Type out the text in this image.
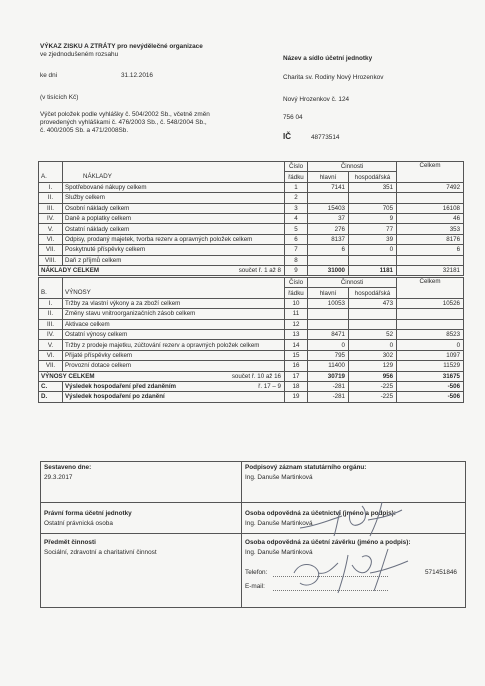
VÝKAZ ZISKU A ZTRÁTY pro nevýdělečné organizace
ve zjednodušeném rozsahu
ke dni	31.12.2016
(v tisících Kč)
Výčet položek podle vyhlášky č. 504/2002 Sb., včetně změn
provedených vyhláškami č. 476/2003 Sb., č. 548/2004 Sb.,
č. 400/2005 Sb. a 471/2008Sb.
Název a sídlo účetní jednotky
Charita sv. Rodiny Nový Hrozenkov
Nový Hrozenkov č. 124
756 04
IČ	48773514
		Číslo	Činnosti		Celkem
A.	NÁKLADY	řádku	hlavní	hospodářská	
I.	Spotřebované nákupy celkem	1	7141	351	7492
II.	Služby celkem	2			
III.	Osobní náklady celkem	3	15403	705	16108
IV.	Daně a poplatky celkem	4	37	9	46
V.	Ostatní náklady celkem	5	276	77	353
VI.	Odpisy, prodaný majetek, tvorba rezerv a opravných položek celkem	6	8137	39	8176
VII.	Poskytnuté příspěvky celkem	7	6	0	6
VIII.	Daň z příjmů celkem	8			
NÁKLADY CELKEM součet ř. 1 až 8		9	31000	1181	32181
		Číslo	Činnosti		Celkem
B.	VÝNOSY	řádku	hlavní	hospodářská	
I.	Tržby za vlastní výkony a za zboží celkem	10	10053	473	10526
II.	Změny stavu vnitroorganizačních zásob celkem	11			
III.	Aktivace celkem	12			
IV.	Ostatní výnosy celkem	13	8471	52	8523
V.	Tržby z prodeje majetku, zúčtování rezerv a opravných položek celkem	14	0	0	0
VI.	Přijaté příspěvky celkem	15	795	302	1097
VII.	Provozní dotace celkem	16	11400	129	11529
VÝNOSY CELKEM součet ř. 10 až 16		17	30719	956	31675
C.	Výsledek hospodaření před zdaněním ř. 17 – 9	18	-281	-225	-506
D.	Výsledek hospodaření po zdanění	19	-281	-225	-506
Sestaveno dne:
29.3.2017
Podpisový záznam statutárního orgánu:
Ing. Danuše Martinková
Právní forma účetní jednotky
Ostatní právnická osoba
Osoba odpovědná za účetnictví (jméno a podpis):
Ing. Danuše Martinková
Předmět činnosti
Sociální, zdravotní a charitativní činnost
Osoba odpovědná za účetní závěrku (jméno a podpis):
Ing. Danuše Martinková
Telefon:	571451846
E-mail:
